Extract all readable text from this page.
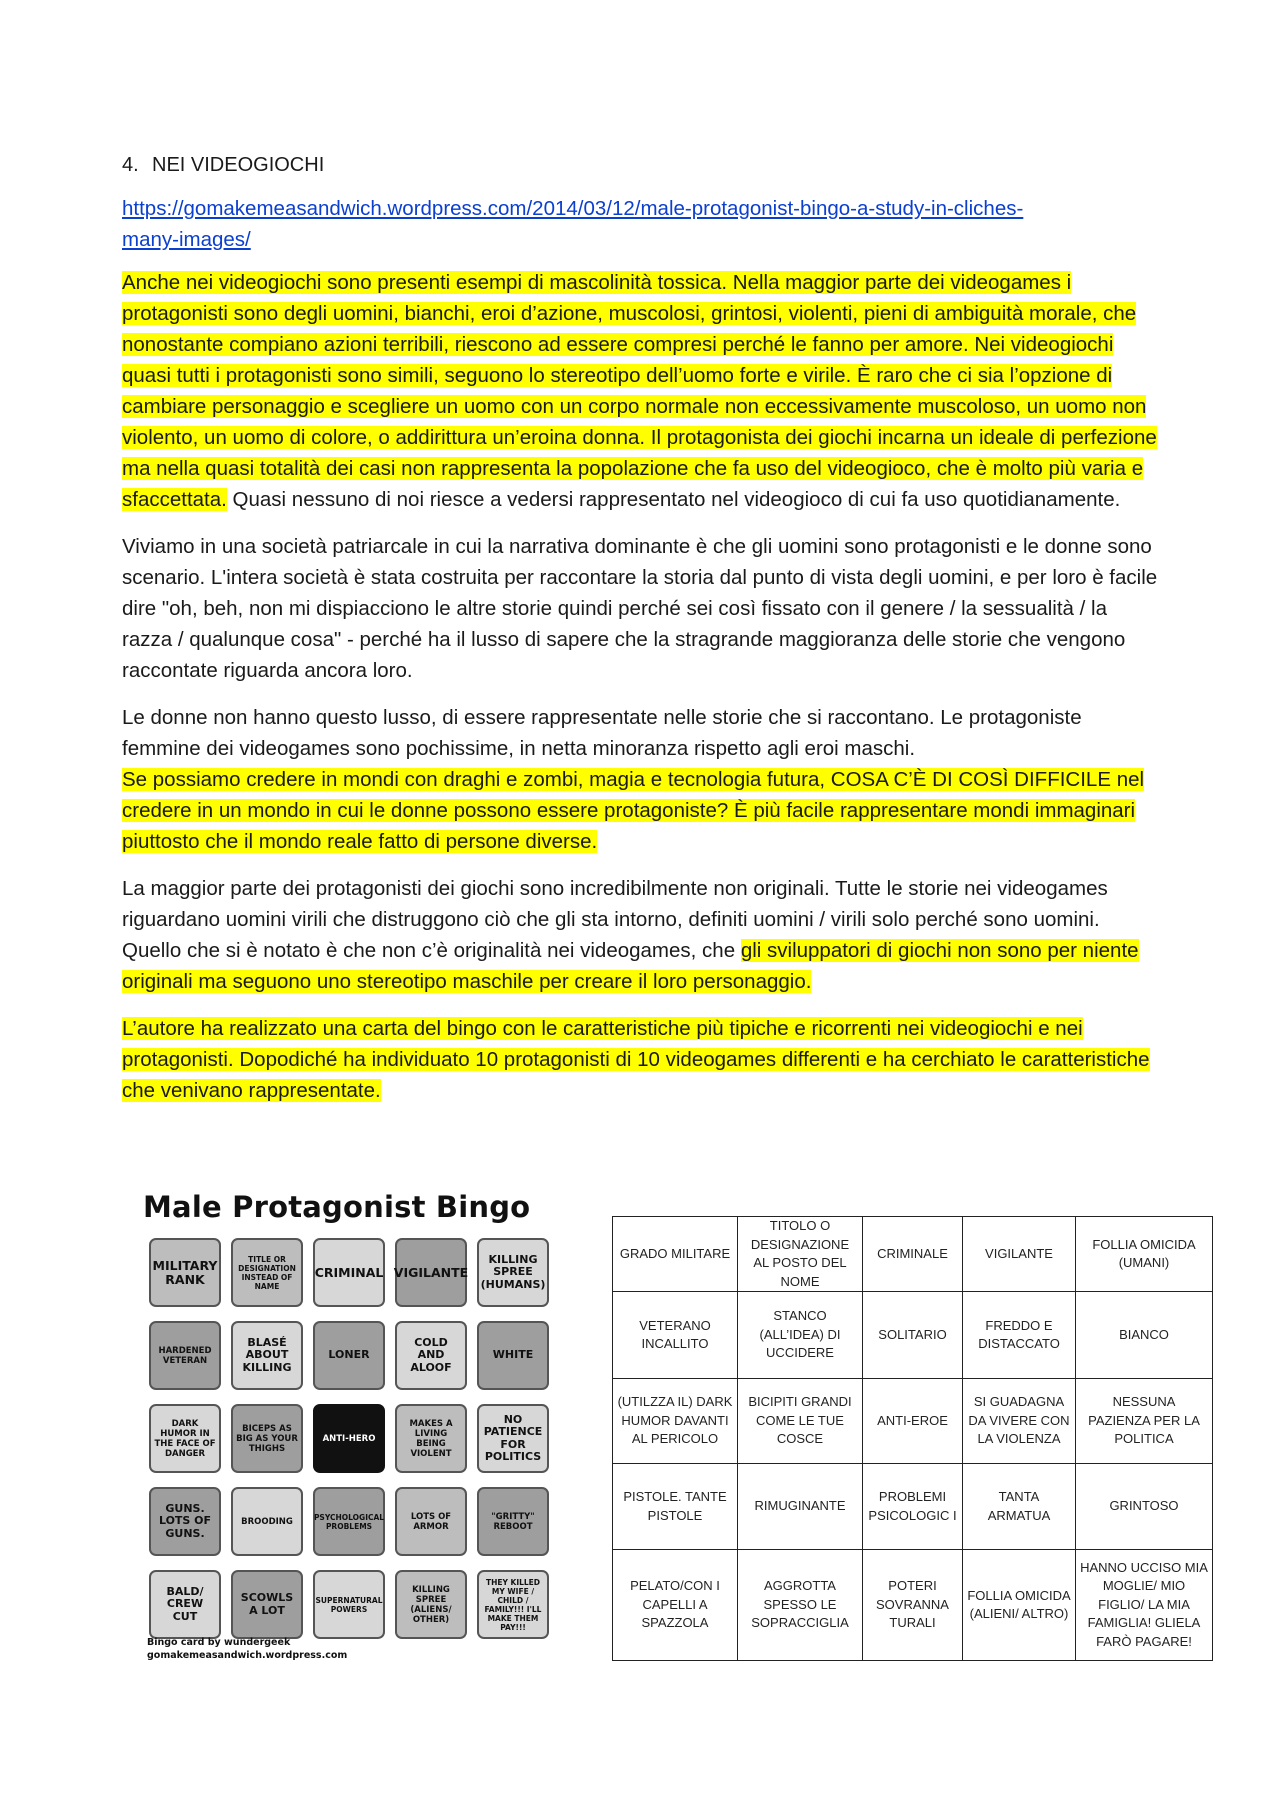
4. NEI VIDEOGIOCHI

https://gomakemeasandwich.wordpress.com/2014/03/12/male-protagonist-bingo-a-study-in-cliches-
many-images/

Anche nei videogiochi sono presenti esempi di mascolinità tossica. Nella maggior parte dei videogames i protagonisti sono degli uomini, bianchi, eroi d’azione, muscolosi, grintosi, violenti, pieni di ambiguità morale, che nonostante compiano azioni terribili, riescono ad essere compresi perché le fanno per amore. Nei videogiochi quasi tutti i protagonisti sono simili, seguono lo stereotipo dell’uomo forte e virile. È raro che ci sia l’opzione di cambiare personaggio e scegliere un uomo con un corpo normale non eccessivamente muscoloso, un uomo non violento, un uomo di colore, o addirittura un’eroina donna. Il protagonista dei giochi incarna un ideale di perfezione ma nella quasi totalità dei casi non rappresenta la popolazione che fa uso del videogioco, che è molto più varia e sfaccettata. Quasi nessuno di noi riesce a vedersi rappresentato nel videogioco di cui fa uso quotidianamente.

Viviamo in una società patriarcale in cui la narrativa dominante è che gli uomini sono protagonisti e le donne sono scenario. L'intera società è stata costruita per raccontare la storia dal punto di vista degli uomini, e per loro è facile dire "oh, beh, non mi dispiacciono le altre storie quindi perché sei così fissato con il genere / la sessualità / la razza / qualunque cosa" - perché ha il lusso di sapere che la stragrande maggioranza delle storie che vengono raccontate riguarda ancora loro.

Le donne non hanno questo lusso, di essere rappresentate nelle storie che si raccontano. Le protagoniste femmine dei videogames sono pochissime, in netta minoranza rispetto agli eroi maschi.
Se possiamo credere in mondi con draghi e zombi, magia e tecnologia futura, COSA C’È DI COSÌ DIFFICILE nel credere in un mondo in cui le donne possono essere protagoniste? È più facile rappresentare mondi immaginari piuttosto che il mondo reale fatto di persone diverse.

La maggior parte dei protagonisti dei giochi sono incredibilmente non originali. Tutte le storie nei videogames riguardano uomini virili che distruggono ciò che gli sta intorno, definiti uomini / virili solo perché sono uomini. Quello che si è notato è che non c’è originalità nei videogames, che gli sviluppatori di giochi non sono per niente originali ma seguono uno stereotipo maschile per creare il loro personaggio.

L’autore ha realizzato una carta del bingo con le caratteristiche più tipiche e ricorrenti nei videogiochi e nei protagonisti. Dopodiché ha individuato 10 protagonisti di 10 videogames differenti e ha cerchiato le caratteristiche che venivano rappresentate.

Male Protagonist Bingo
MILITARY RANK
TITLE OR DESIGNATION INSTEAD OF NAME
CRIMINAL VIGILANTE
KILLING SPREE (HUMANS)
HARDENED VETERAN
BLASÉ ABOUT KILLING
LONER
COLD AND ALOOF
WHITE
DARK HUMOR IN THE FACE OF DANGER
BICEPS AS BIG AS YOUR THIGHS
ANTI-HERO
MAKES A LIVING BEING VIOLENT
NO PATIENCE FOR POLITICS
GUNS. LOTS OF GUNS.
BROODING	PSYCHOLOGICAL PROBLEMS
LOTS OF ARMOR
"GRITTY" REBOOT
BALD/ CREW CUT
SCOWLS A LOT
SUPERNATURAL POWERS
KILLING SPREE (ALIENS/ OTHER)
THEY KILLED MY WIFE / CHILD / FAMILY!!! I'LL MAKE THEM PAY!!!
Bingo card by wundergeek
gomakemeasandwich.wordpress.com
GRADO MILITARE	TITOLO O DESIGNAZIONE AL POSTO DEL NOME	CRIMINALE	VIGILANTE	FOLLIA OMICIDA (UMANI)
VETERANO INCALLITO	STANCO (ALL’IDEA) DI UCCIDERE	SOLITARIO	FREDDO E DISTACCATO	BIANCO
(UTILZZA IL) DARK HUMOR DAVANTI AL PERICOLO	BICIPITI GRANDI COME LE TUE COSCE	ANTI-EROE	SI GUADAGNA DA VIVERE CON LA VIOLENZA	NESSUNA PAZIENZA PER LA POLITICA
PISTOLE. TANTE PISTOLE	RIMUGINANTE	PROBLEMI PSICOLOGIC I	TANTA ARMATUA	GRINTOSO
PELATO/CON I CAPELLI A SPAZZOLA	AGGROTTA SPESSO LE SOPRACCIGLIA	POTERI SOVRANNA TURALI	FOLLIA OMICIDA (ALIENI/ ALTRO)	HANNO UCCISO MIA MOGLIE/ MIO FIGLIO/ LA MIA FAMIGLIA! GLIELA FARÒ PAGARE!
